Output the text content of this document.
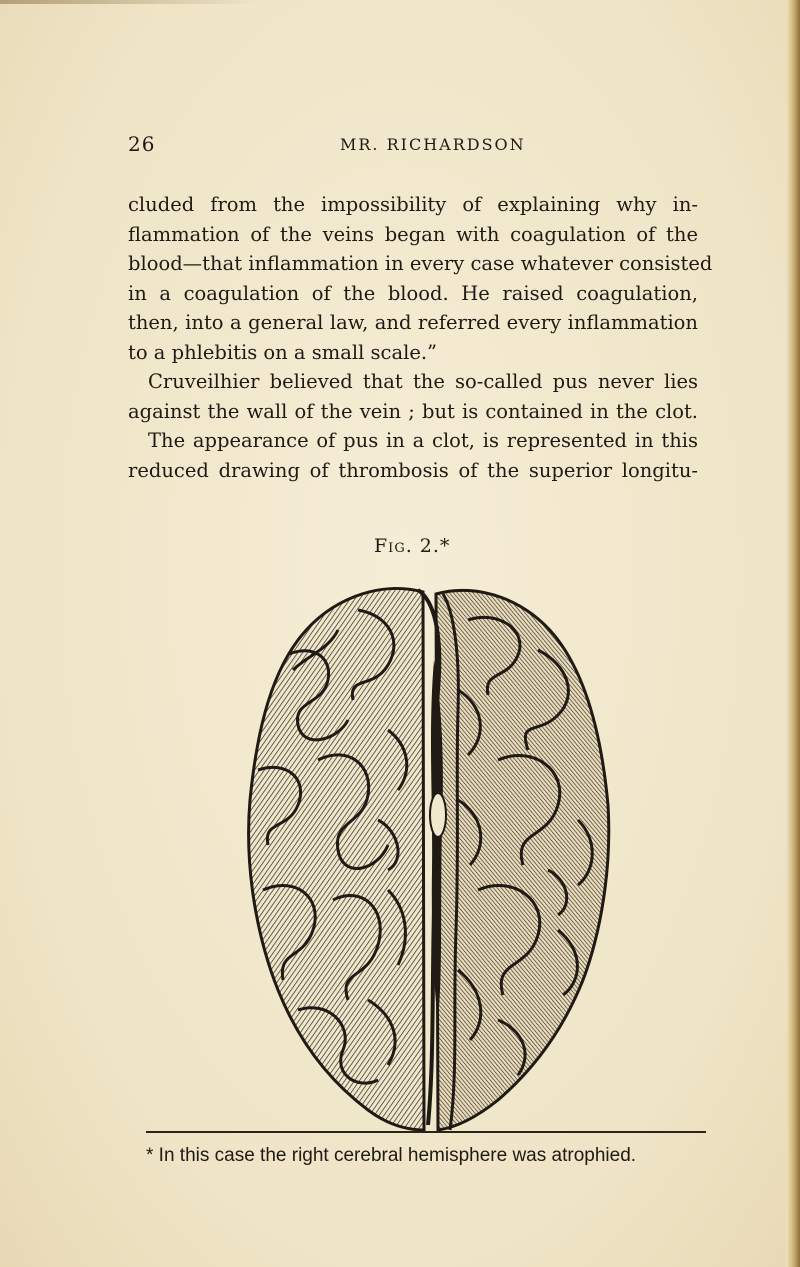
26	MR. RICHARDSON
cluded from the impossibility of explaining why in-
flammation of the veins began with coagulation of the
blood—that inflammation in every case whatever consisted
in a coagulation of the blood. He raised coagulation,
then, into a general law, and referred every inflammation
to a phlebitis on a small scale.”
Cruveilhier believed that the so-called pus never lies
against the wall of the vein ; but is contained in the clot.
The appearance of pus in a clot, is represented in this
reduced drawing of thrombosis of the superior longitu-
Fig. 2.*
* In this case the right cerebral hemisphere was atrophied.
